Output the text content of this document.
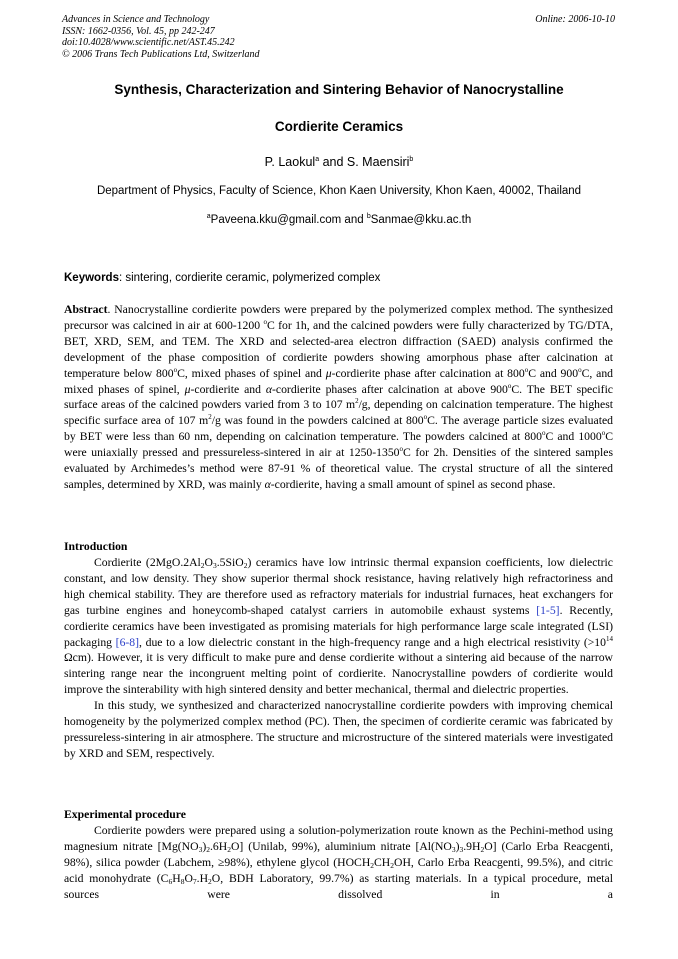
Advances in Science and Technology
ISSN: 1662-0356, Vol. 45, pp 242-247
doi:10.4028/www.scientific.net/AST.45.242
© 2006 Trans Tech Publications Ltd, Switzerland
Online: 2006-10-10
Synthesis, Characterization and Sintering Behavior of Nanocrystalline
Cordierite Ceramics
P. Laokul$^a$ and S. Maensiri$^b$
Department of Physics, Faculty of Science, Khon Kaen University, Khon Kaen, 40002, Thailand
$^a$Paveena.kku@gmail.com and $^b$Sanmae@kku.ac.th
Keywords: sintering, cordierite ceramic, polymerized complex

Abstract. Nanocrystalline cordierite powders were prepared by the polymerized complex method. The synthesized precursor was calcined in air at 600-1200 $^o$C for 1h, and the calcined powders were fully characterized by TG/DTA, BET, XRD, SEM, and TEM. The XRD and selected-area electron diffraction (SAED) analysis confirmed the development of the phase composition of cordierite powders showing amorphous phase after calcination at temperature below 800$^o$C, mixed phases of spinel and μ-cordierite phase after calcination at 800$^o$C and 900$^o$C, and mixed phases of spinel, μ-cordierite and α-cordierite phases after calcination at above 900$^o$C. The BET specific surface areas of the calcined powders varied from 3 to 107 $m^2/g$, depending on calcination temperature. The highest specific surface area of 107 $m^2/g$ was found in the powders calcined at 800$^o$C. The average particle sizes evaluated by BET were less than 60 nm, depending on calcination temperature. The powders calcined at 800$^o$C and 1000$^o$C were uniaxially pressed and pressureless-sintered in air at 1250-1350$^o$C for 2h. Densities of the sintered samples evaluated by Archimedes’s method were 87-91 % of theoretical value. The crystal structure of all the sintered samples, determined by XRD, was mainly α-cordierite, having a small amount of spinel as second phase.

Introduction

Cordierite $(2MgO.2Al_2O_3.5SiO_2)$ ceramics have low intrinsic thermal expansion coefficients, low dielectric constant, and low density. They show superior thermal shock resistance, having relatively high refractoriness and high chemical stability. They are therefore used as refractory materials for industrial furnaces, heat exchangers for gas turbine engines and honeycomb-shaped catalyst carriers in automobile exhaust systems [1-5]. Recently, cordierite ceramics have been investigated as promising materials for high performance large scale integrated (LSI) packaging [6-8], due to a low dielectric constant in the high-frequency range and a high electrical resistivity ($>10^{14}$ Ωcm). However, it is very difficult to make pure and dense cordierite without a sintering aid because of the narrow sintering range near the incongruent melting point of cordierite. Nanocrystalline powders of cordierite would improve the sinterability with high sintered density and better mechanical, thermal and dielectric properties.

In this study, we synthesized and characterized nanocrystalline cordierite powders with improving chemical homogeneity by the polymerized complex method (PC). Then, the specimen of cordierite ceramic was fabricated by pressureless-sintering in air atmosphere. The structure and microstructure of the sintered materials were investigated by XRD and SEM, respectively.

Experimental procedure

Cordierite powders were prepared using a solution-polymerization route known as the Pechini-method using magnesium nitrate $[Mg(NO_3)_2.6H_2O]$ (Unilab, 99%), aluminium nitrate $[Al(NO_3)_3.9H_2O]$ (Carlo Erba Reacgenti, 98%), silica powder (Labchem, ≥98%), ethylene glycol ($HOCH_2CH_2OH$, Carlo Erba Reacgenti, 99.5%), and citric acid monohydrate ($C_6H_8O_7.H_2O$, BDH Laboratory, 99.7%) as starting materials. In a typical procedure, metal sources were dissolved in a
